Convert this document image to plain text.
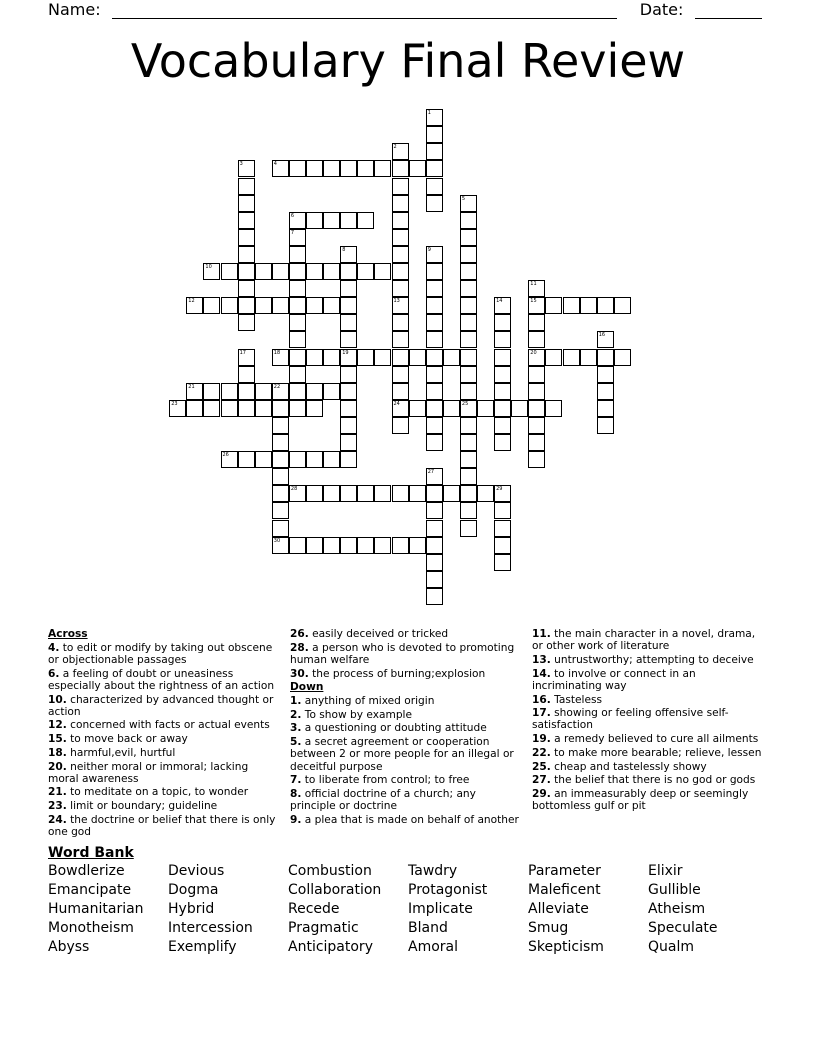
Name:	Date:
Vocabulary Final Review
4
6
10
12	15
18	19	20
21	22
23	24	25
26
28
30
1
2
3
5
7
8	9
11
13	14
16
17
27
29

Across

4. to edit or modify by taking out obscene or objectionable passages

6. a feeling of doubt or uneasiness especially about the rightness of an action

10. characterized by advanced thought or action

12. concerned with facts or actual events

15. to move back or away

18. harmful,evil, hurtful

20. neither moral or immoral; lacking moral awareness

21. to meditate on a topic, to wonder

23. limit or boundary; guideline

24. the doctrine or belief that there is only one god

26. easily deceived or tricked

28. a person who is devoted to promoting human welfare

30. the process of burning;explosion

Down

1. anything of mixed origin

2. To show by example

3. a questioning or doubting attitude

5. a secret agreement or cooperation between 2 or more people for an illegal or deceitful purpose

7. to liberate from control; to free

8. official doctrine of a church; any principle or doctrine

9. a plea that is made on behalf of another

11. the main character in a novel, drama, or other work of literature

13. untrustworthy; attempting to deceive

14. to involve or connect in an incriminating way

16. Tasteless

17. showing or feeling offensive self-satisfaction

19. a remedy believed to cure all ailments

22. to make more bearable; relieve, lessen

25. cheap and tastelessly showy

27. the belief that there is no god or gods

29. an immeasurably deep or seemingly bottomless gulf or pit

Word Bank
Bowdlerize
Emancipate
Humanitarian
Monotheism
Abyss
Devious
Dogma
Hybrid
Intercession
Exemplify
Combustion
Collaboration
Recede
Pragmatic
Anticipatory
Tawdry
Protagonist
Implicate
Bland
Amoral
Parameter
Maleficent
Alleviate
Smug
Skepticism
Elixir
Gullible
Atheism
Speculate
Qualm
